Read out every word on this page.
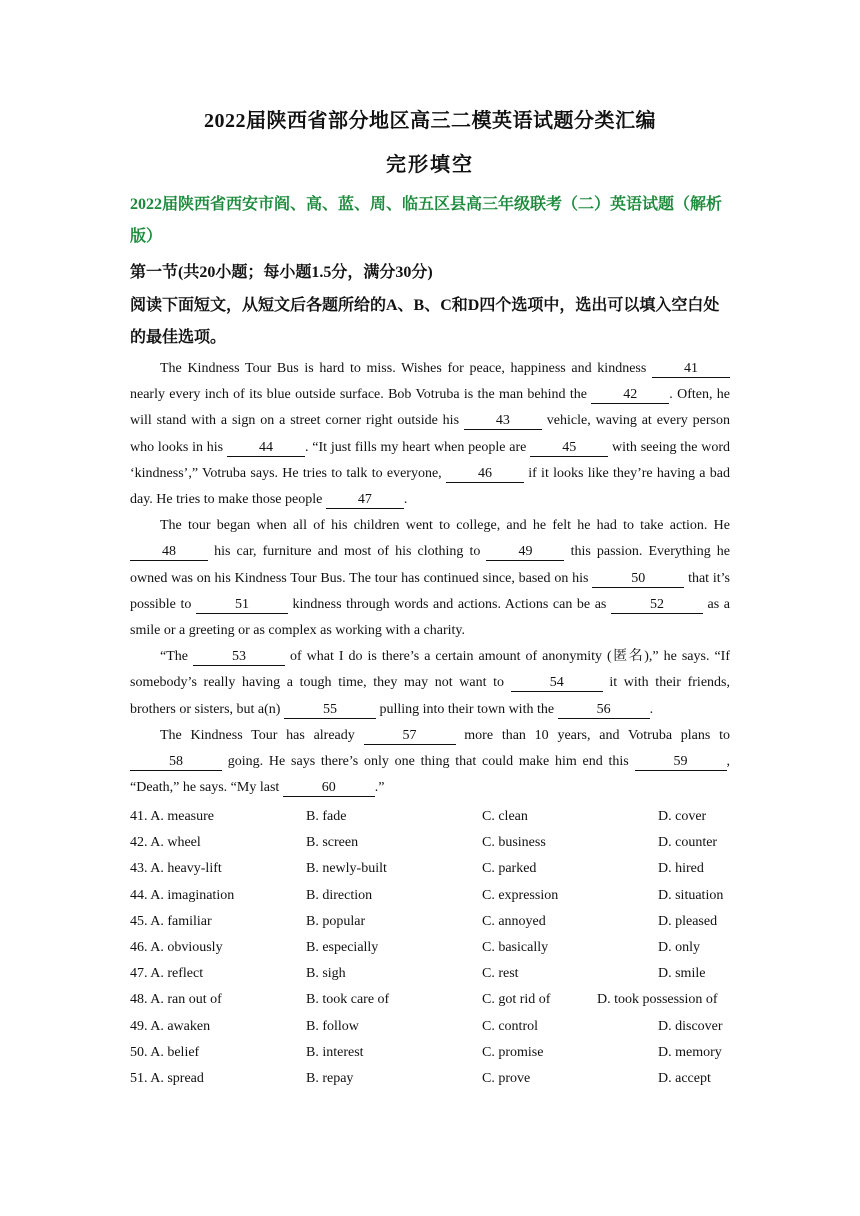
2022届陕西省部分地区高三二模英语试题分类汇编
完形填空
2022届陕西省西安市阎、高、蓝、周、临五区县高三年级联考（二）英语试题（解析版）
第一节(共20小题；每小题1.5分，满分30分)
阅读下面短文，从短文后各题所给的A、B、C和D四个选项中，选出可以填入空白处的最佳选项。

The Kindness Tour Bus is hard to miss. Wishes for peace, happiness and kindness 41 nearly every inch of its blue outside surface. Bob Votruba is the man behind the 42 . Often, he will stand with a sign on a street corner right outside his 43 vehicle, waving at every person who looks in his 44 . “It just fills my heart when people are 45 with seeing the word ‘kindness’,” Votruba says. He tries to talk to everyone, 46 if it looks like they’re having a bad day. He tries to make those people 47 .

The tour began when all of his children went to college, and he felt he had to take action. He 48 his car, furniture and most of his clothing to 49 this passion. Everything he owned was on his Kindness Tour Bus. The tour has continued since, based on his	50	that it’s possible to	51	kindness through words and actions. Actions can be as	52	as a smile or a greeting or as complex as working with a charity.

“The	53	of what I do is there’s a certain amount of anonymity (匿名),” he says. “If somebody’s really having a tough time, they may not want to	54	it with their friends, brothers or sisters, but a(n)	55	pulling into their town with the	56	.

The Kindness Tour has already	57	more than 10 years, and Votruba plans to 58	going. He says there’s only one thing that could make him end this	59	, “Death,” he says. “My last	60	.”

41. A. measure	B. fade	C. clean	D. cover
42. A. wheel	B. screen	C. business	D. counter
43. A. heavy-lift	B. newly-built	C. parked	D. hired
44. A. imagination	B. direction	C. expression	D. situation
45. A. familiar	B. popular	C. annoyed	D. pleased
46. A. obviously	B. especially	C. basically	D. only
47. A. reflect	B. sigh	C. rest	D. smile
48. A. ran out of	B. took care of	C. got rid of	D. took possession of
49. A. awaken	B. follow	C. control	D. discover
50. A. belief	B. interest	C. promise	D. memory
51. A. spread	B. repay	C. prove	D. accept
